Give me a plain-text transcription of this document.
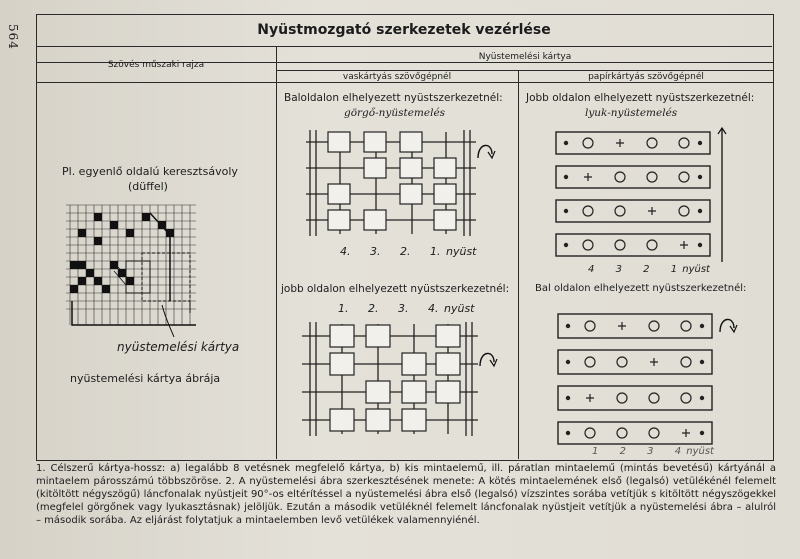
564	Nyüstmozgató szerkezetek vezérlése
Szövés műszaki rajza
Nyüstemelési kártya
vaskártyás szövőgépnél	papírkártyás szövőgépnél
Pl. egyenlő oldalú keresztsávoly
(düffel)
nyüstemelési kártya
nyüstemelési kártya ábrája
Baloldalon elhelyezett nyüstszerkezetnél:
görgő-nyüstemelés
4. 3. 2. 1. nyüst
jobb oldalon elhelyezett nyüstszerkezetnél:
1. 2. 3. 4. nyüst
Jobb oldalon elhelyezett nyüstszerkezetnél:
lyuk-nyüstemelés
4 3 2 1 nyüst
Bal oldalon elhelyezett nyüstszerkezetnél:
1 2 3 4 nyüst
1. Célszerű kártya-hossz: a) legalább 8 vetésnek megfelelő kártya, b) kis mintaelemű, ill. páratlan mintaelemű (mintás bevetésű) kártyánál a mintaelem párosszámú többszöröse. 2. A nyüstemelési ábra szerkesztésének menete: A kötés mintaelemének első (legalsó) vetülékénél felemelt (kitöltött négyszögű) láncfonalak nyüstjeit 90°-os eltérítéssel a nyüstemelési ábra első (legalsó) vízszintes sorába vetítjük s kitöltött négyszögekkel (megfelel görgőnek vagy lyukasztásnak) jelöljük. Ezután a második vetüléknél felemelt láncfonalak nyüstjeit vetítjük a nyüstemelési ábra – alulról – második sorába. Az eljárást folytatjuk a mintaelemben levő vetülékek valamennyiénél.
